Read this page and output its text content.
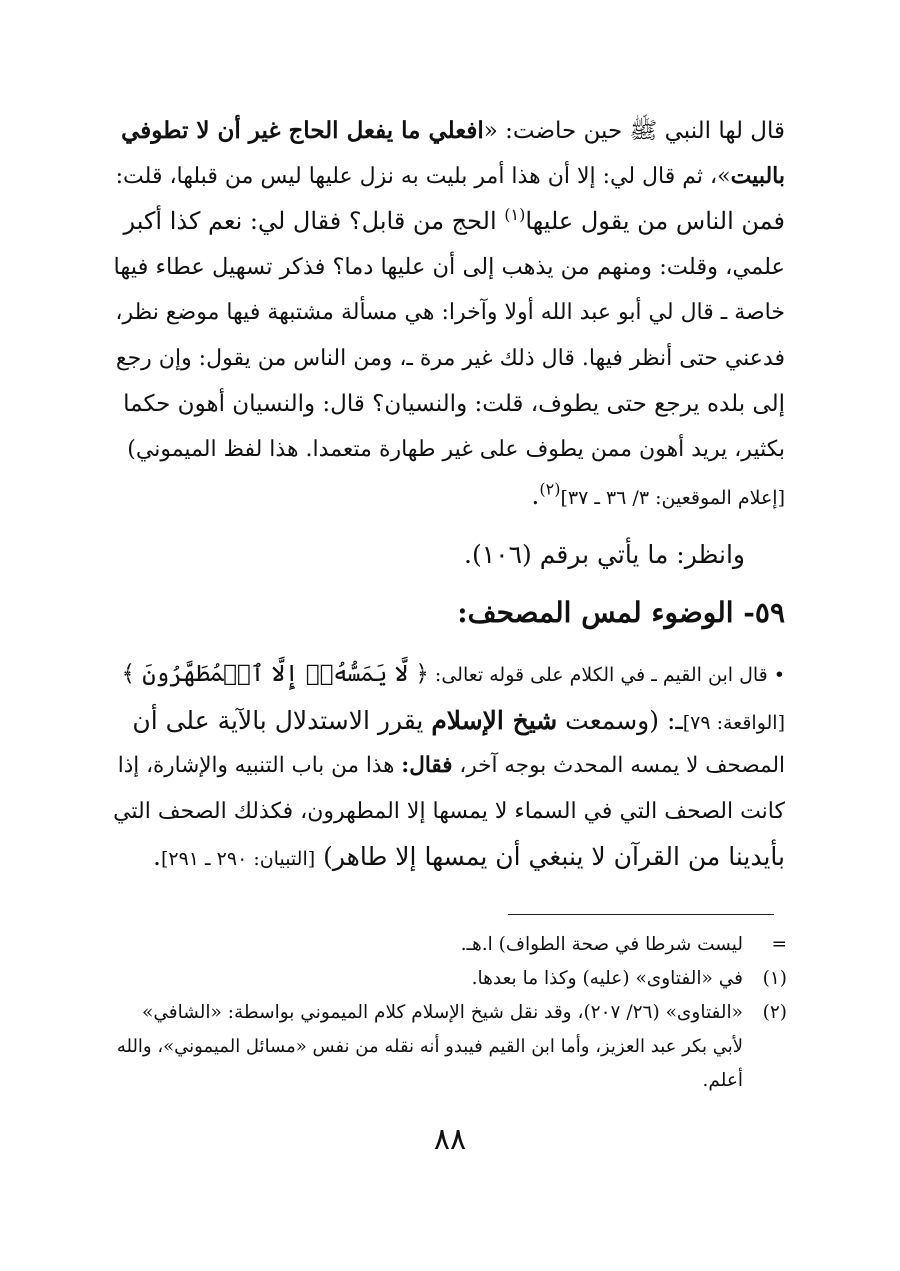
قال لها النبي ﷺ حين حاضت: «افعلي ما يفعل الحاج غير أن لا تطوفي
بالبيت»، ثم قال لي: إلا أن هذا أمر بليت به نزل عليها ليس من قبلها، قلت:
فمن الناس من يقول عليها$^{(١)}$ الحج من قابل؟ فقال لي: نعم كذا أكبر
علمي، وقلت: ومنهم من يذهب إلى أن عليها دما؟ فذكر تسهيل عطاء فيها
خاصة ـ قال لي أبو عبد الله أولا وآخرا: هي مسألة مشتبهة فيها موضع نظر،
فدعني حتى أنظر فيها. قال ذلك غير مرة ـ، ومن الناس من يقول: وإن رجع
إلى بلده يرجع حتى يطوف، قلت: والنسيان؟ قال: والنسيان أهون حكما
بكثير، يريد أهون ممن يطوف على غير طهارة متعمدا. هذا لفظ الميموني)
[إعلام الموقعين: ٣/ ٣٦ ـ ٣٧]$^{(٢)}$.
وانظر: ما يأتي برقم (١٠٦).
٥٩- الوضوء لمس المصحف:
• قال ابن القيم ـ في الكلام على قوله تعالى: ﴿ لَّا يَمَسُّهُۥٓ إِلَّا ٱلۡمُطَهَّرُونَ ﴾
[الواقعة: ٧٩]ـ: (وسمعت شيخ الإسلام يقرر الاستدلال بالآية على أن
المصحف لا يمسه المحدث بوجه آخر، فقال: هذا من باب التنبيه والإشارة، إذا
كانت الصحف التي في السماء لا يمسها إلا المطهرون، فكذلك الصحف التي
بأيدينا من القرآن لا ينبغي أن يمسها إلا طاهر) [التبيان: ٢٩٠ ـ ٢٩١].
=ليست شرطا في صحة الطواف) ا.هـ.
(١)في «الفتاوى» (عليه) وكذا ما بعدها.
(٢)«الفتاوى» (٢٦/ ٢٠٧)، وقد نقل شيخ الإسلام كلام الميموني بواسطة: «الشافي»
لأبي بكر عبد العزيز، وأما ابن القيم فيبدو أنه نقله من نفس «مسائل الميموني»، والله
أعلم.
٨٨
